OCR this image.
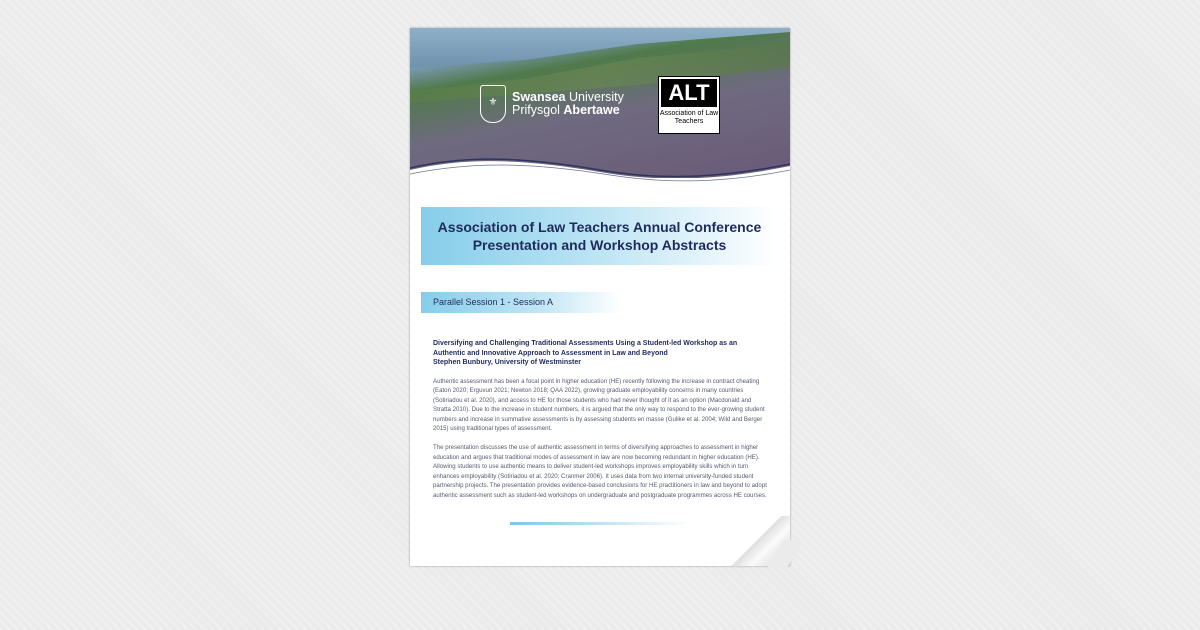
⚜	Swansea University
Prifysgol Abertawe
ALT
Association of Law Teachers
Association of Law Teachers Annual Conference
Presentation and Workshop Abstracts
Parallel Session 1 - Session A
Diversifying and Challenging Traditional Assessments Using a Student-led Workshop as an Authentic and Innovative Approach to Assessment in Law and Beyond
Stephen Bunbury, University of Westminster
Authentic assessment has been a focal point in higher education (HE) recently following the increase in contract cheating (Eaton 2020; Erguvun 2021; Newton 2018; QAA 2022), growing graduate employability concerns in many countries (Sotiriadou et al. 2020), and access to HE for those students who had never thought of it as an option (Macdonald and Stratta 2010). Due to the increase in student numbers, it is argued that the only way to respond to the ever-growing student numbers and increase in summative assessments is by assessing students en masse (Gulike et al. 2004; Wild and Berger 2015) using traditional types of assessment.
The presentation discusses the use of authentic assessment in terms of diversifying approaches to assessment in higher education and argues that traditional modes of assessment in law are now becoming redundant in higher education (HE). Allowing students to use authentic means to deliver student-led workshops improves employability skills which in turn enhances employability (Sotiriadou et al. 2020; Cranmer 2006). It uses data from two internal university-funded student partnership projects. The presentation provides evidence-based conclusions for HE practitioners in law and beyond to adopt authentic assessment such as student-led workshops on undergraduate and postgraduate programmes across HE courses.
